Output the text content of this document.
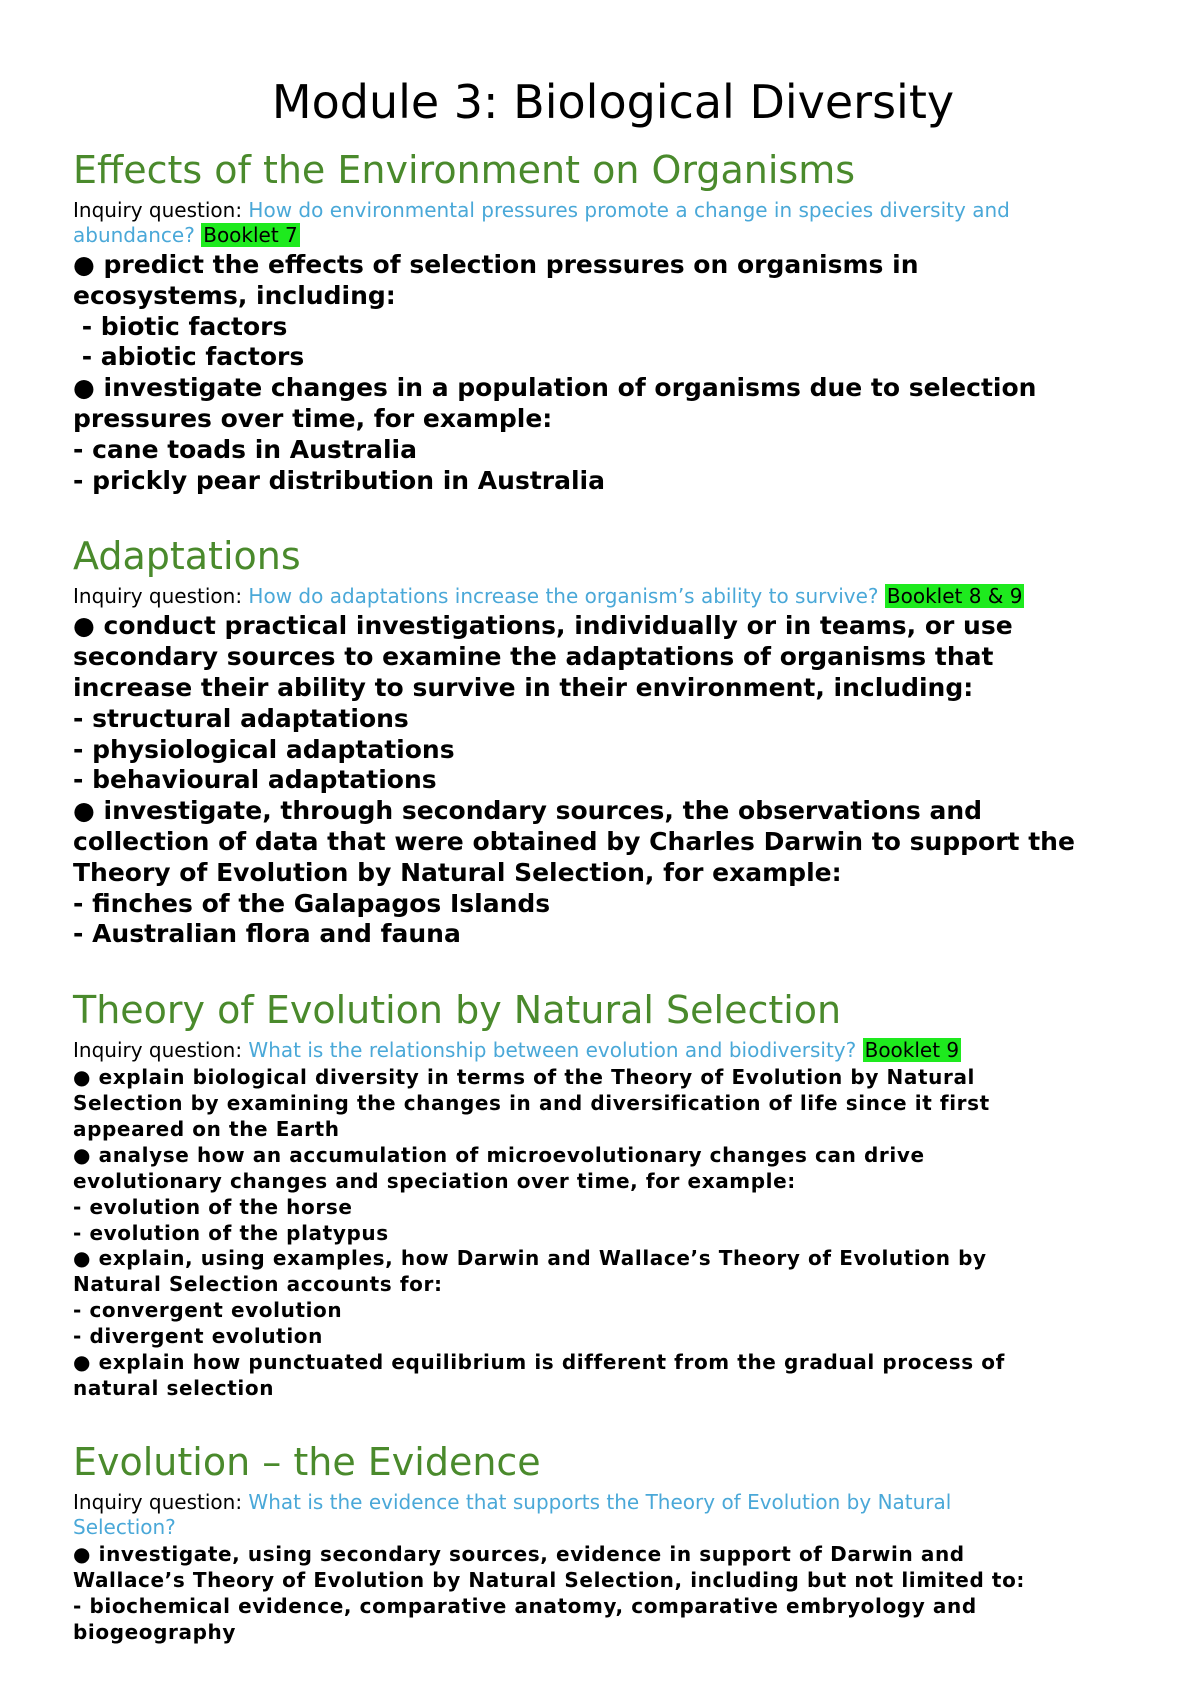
Module 3: Biological Diversity
Effects of the Environment on Organisms
Inquiry question: How do environmental pressures promote a change in species diversity and
abundance? Booklet 7
● predict the effects of selection pressures on organisms in
ecosystems, including:
- biotic factors
- abiotic factors
● investigate changes in a population of organisms due to selection
pressures over time, for example:
- cane toads in Australia
- prickly pear distribution in Australia
Adaptations
Inquiry question: How do adaptations increase the organism’s ability to survive? Booklet 8 & 9
● conduct practical investigations, individually or in teams, or use
secondary sources to examine the adaptations of organisms that
increase their ability to survive in their environment, including:
- structural adaptations
- physiological adaptations
- behavioural adaptations
● investigate, through secondary sources, the observations and
collection of data that were obtained by Charles Darwin to support the
Theory of Evolution by Natural Selection, for example:
- finches of the Galapagos Islands
- Australian flora and fauna
Theory of Evolution by Natural Selection
Inquiry question: What is the relationship between evolution and biodiversity? Booklet 9
● explain biological diversity in terms of the Theory of Evolution by Natural
Selection by examining the changes in and diversification of life since it first
appeared on the Earth
● analyse how an accumulation of microevolutionary changes can drive
evolutionary changes and speciation over time, for example:
- evolution of the horse
- evolution of the platypus
● explain, using examples, how Darwin and Wallace’s Theory of Evolution by
Natural Selection accounts for:
- convergent evolution
- divergent evolution
● explain how punctuated equilibrium is different from the gradual process of
natural selection
Evolution – the Evidence
Inquiry question: What is the evidence that supports the Theory of Evolution by Natural
Selection?
● investigate, using secondary sources, evidence in support of Darwin and
Wallace’s Theory of Evolution by Natural Selection, including but not limited to:
- biochemical evidence, comparative anatomy, comparative embryology and
biogeography
